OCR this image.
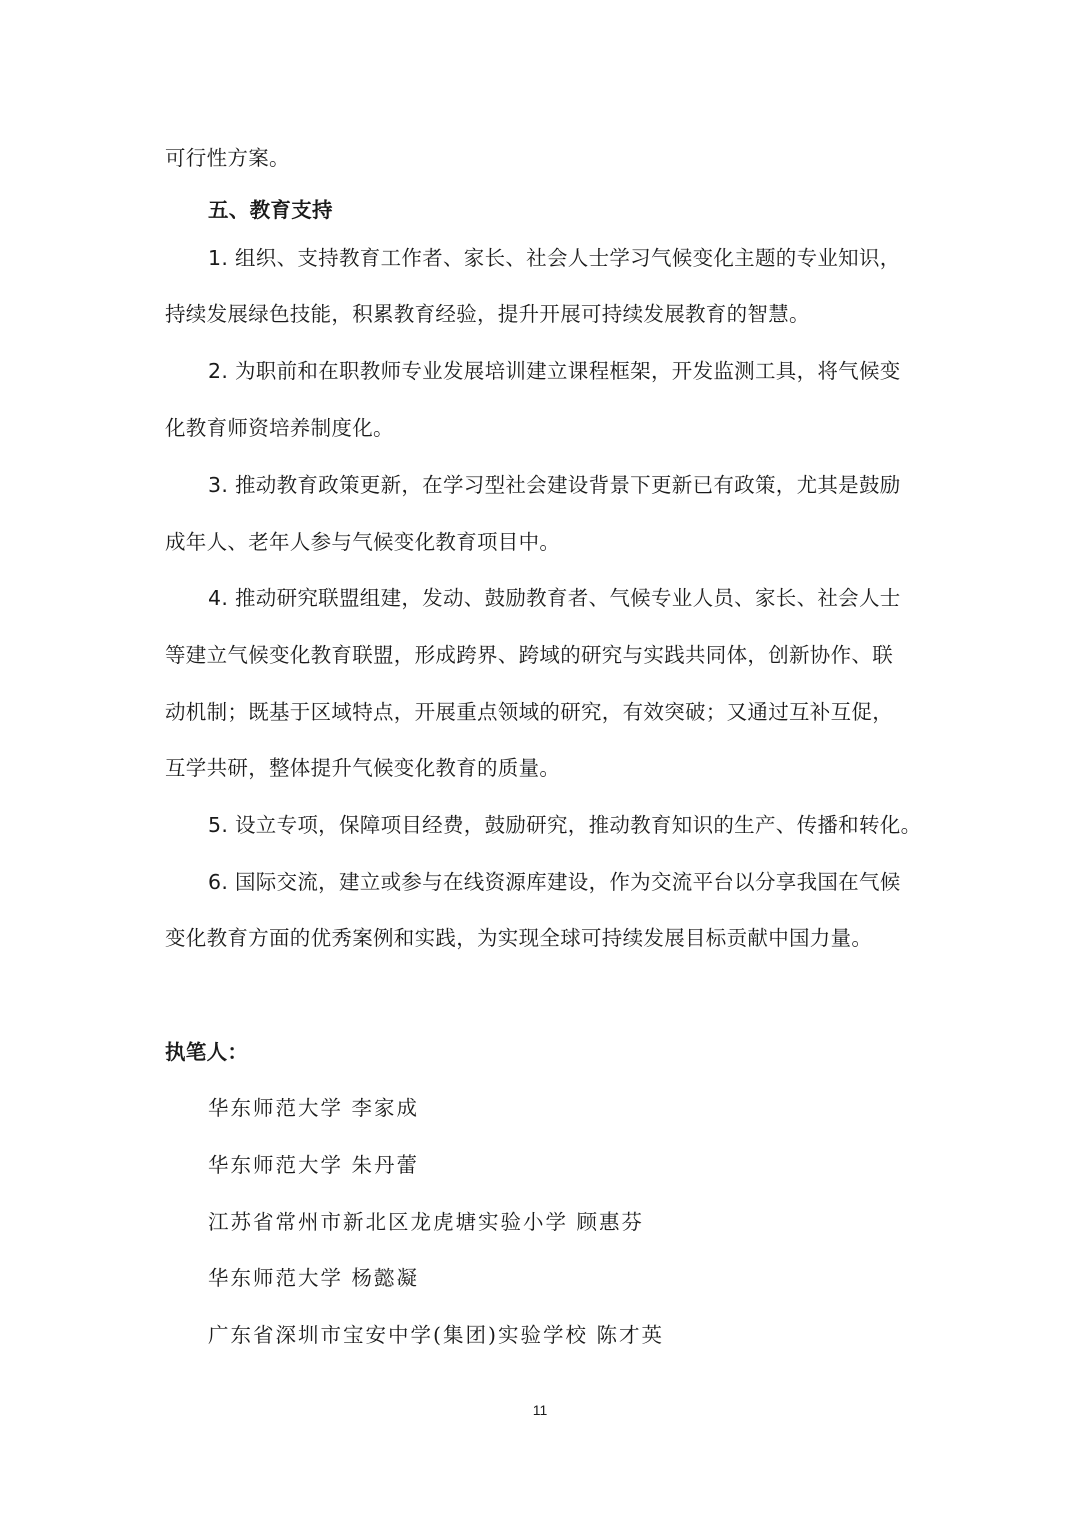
可行性方案。
五、教育支持
1. 组织、支持教育工作者、家长、社会人士学习气候变化主题的专业知识，
持续发展绿色技能，积累教育经验，提升开展可持续发展教育的智慧。
2. 为职前和在职教师专业发展培训建立课程框架，开发监测工具，将气候变
化教育师资培养制度化。
3. 推动教育政策更新，在学习型社会建设背景下更新已有政策，尤其是鼓励
成年人、老年人参与气候变化教育项目中。
4. 推动研究联盟组建，发动、鼓励教育者、气候专业人员、家长、社会人士
等建立气候变化教育联盟，形成跨界、跨域的研究与实践共同体，创新协作、联
动机制；既基于区域特点，开展重点领域的研究，有效突破；又通过互补互促，
互学共研，整体提升气候变化教育的质量。
5. 设立专项，保障项目经费，鼓励研究，推动教育知识的生产、传播和转化。
6. 国际交流，建立或参与在线资源库建设，作为交流平台以分享我国在气候
变化教育方面的优秀案例和实践，为实现全球可持续发展目标贡献中国力量。
执笔人：
华东师范大学 李家成
华东师范大学 朱丹蕾
江苏省常州市新北区龙虎塘实验小学 顾惠芬
华东师范大学 杨懿凝
广东省深圳市宝安中学(集团)实验学校 陈才英
11
